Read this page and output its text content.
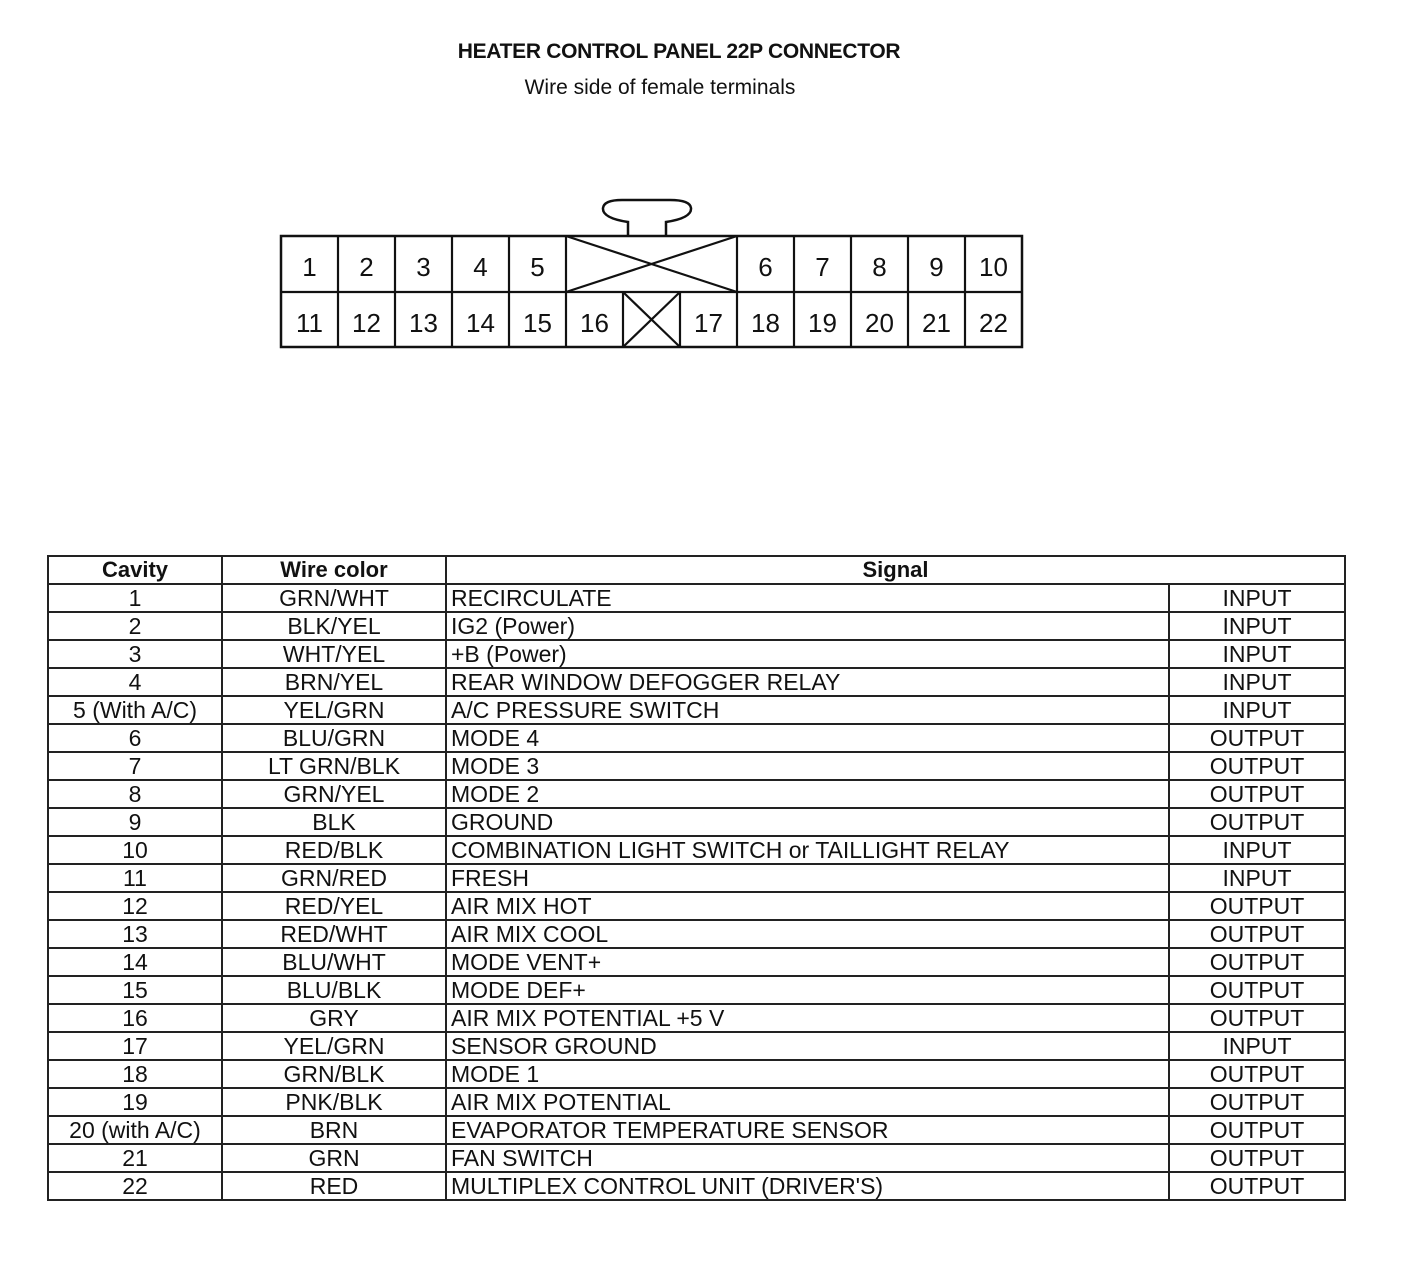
HEATER CONTROL PANEL 22P CONNECTOR
Wire side of female terminals
1 2 3 4 5	6 7 8 9 10
11 12 13 14 15 16	17 18 19 20 21 22
Cavity	Wire color	Signal	
1	GRN/WHT	RECIRCULATE	INPUT
2	BLK/YEL	IG2 (Power)	INPUT
3	WHT/YEL	+B (Power)	INPUT
4	BRN/YEL	REAR WINDOW DEFOGGER RELAY	INPUT
5 (With A/C)	YEL/GRN	A/C PRESSURE SWITCH	INPUT
6	BLU/GRN	MODE 4	OUTPUT
7	LT GRN/BLK	MODE 3	OUTPUT
8	GRN/YEL	MODE 2	OUTPUT
9	BLK	GROUND	OUTPUT
10	RED/BLK	COMBINATION LIGHT SWITCH or TAILLIGHT RELAY	INPUT
11	GRN/RED	FRESH	INPUT
12	RED/YEL	AIR MIX HOT	OUTPUT
13	RED/WHT	AIR MIX COOL	OUTPUT
14	BLU/WHT	MODE VENT+	OUTPUT
15	BLU/BLK	MODE DEF+	OUTPUT
16	GRY	AIR MIX POTENTIAL +5 V	OUTPUT
17	YEL/GRN	SENSOR GROUND	INPUT
18	GRN/BLK	MODE 1	OUTPUT
19	PNK/BLK	AIR MIX POTENTIAL	OUTPUT
20 (with A/C)	BRN	EVAPORATOR TEMPERATURE SENSOR	OUTPUT
21	GRN	FAN SWITCH	OUTPUT
22	RED	MULTIPLEX CONTROL UNIT (DRIVER'S)	OUTPUT
